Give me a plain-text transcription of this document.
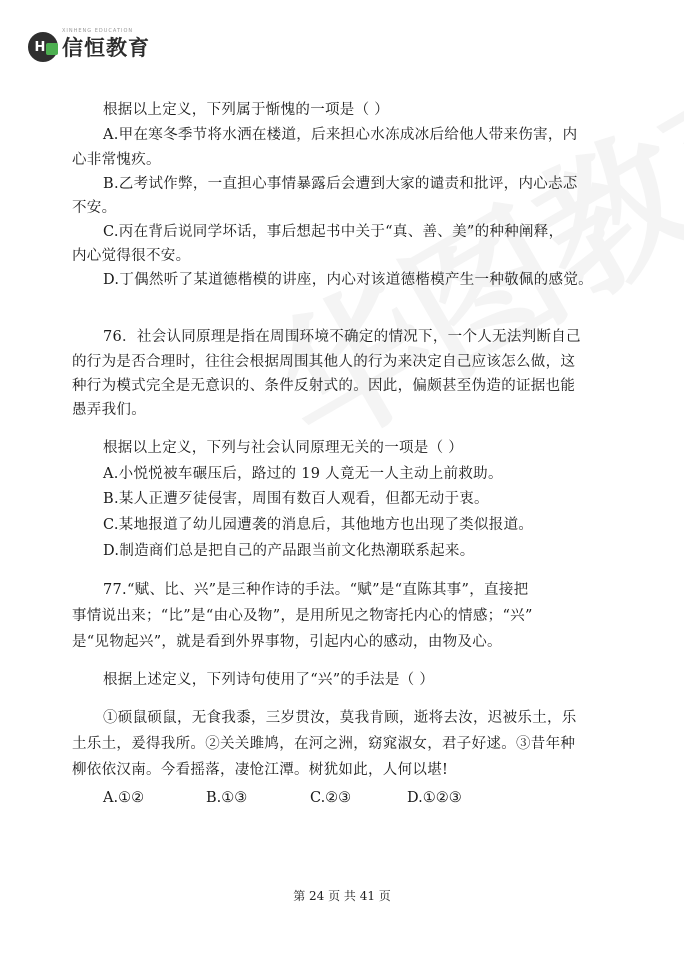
H 信恒教育
XINHENG EDUCATION
根据以上定义，下列属于惭愧的一项是（ ）
A.甲在寒冬季节将水洒在楼道，后来担心水冻成冰后给他人带来伤害，内
心非常愧疚。
B.乙考试作弊，一直担心事情暴露后会遭到大家的谴责和批评，内心忐忑
不安。
C.丙在背后说同学坏话，事后想起书中关于“真、善、美”的种种阐释，
内心觉得很不安。
D.丁偶然听了某道德楷模的讲座，内心对该道德楷模产生一种敬佩的感觉。
76．社会认同原理是指在周围环境不确定的情况下，一个人无法判断自己
的行为是否合理时，往往会根据周围其他人的行为来决定自己应该怎么做，这
种行为模式完全是无意识的、条件反射式的。因此，偏颇甚至伪造的证据也能
愚弄我们。
根据以上定义，下列与社会认同原理无关的一项是（ ）
A.小悦悦被车碾压后，路过的 19 人竟无一人主动上前救助。
B.某人正遭歹徒侵害，周围有数百人观看，但都无动于衷。
C.某地报道了幼儿园遭袭的消息后，其他地方也出现了类似报道。
D.制造商们总是把自己的产品跟当前文化热潮联系起来。
77.“赋、比、兴”是三种作诗的手法。“赋”是“直陈其事”，直接把
事情说出来；“比”是“由心及物”，是用所见之物寄托内心的情感；“兴”
是“见物起兴”，就是看到外界事物，引起内心的感动，由物及心。
根据上述定义，下列诗句使用了“兴”的手法是（ ）
①硕鼠硕鼠，无食我黍，三岁贯汝，莫我肯顾，逝将去汝，迟被乐土，乐
土乐土，爰得我所。②关关雎鸠，在河之洲，窈窕淑女，君子好逑。③昔年种
柳依依汉南。今看摇落，凄怆江潭。树犹如此，人何以堪!
A.①②	B.①③	C.②③	D.①②③
第 24 页 共 41 页
